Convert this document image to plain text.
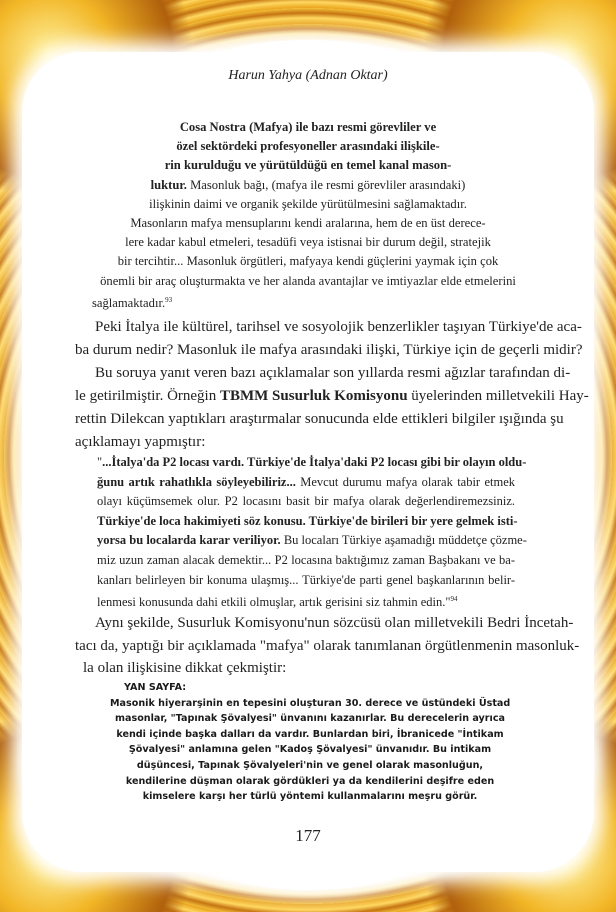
Harun Yahya (Adnan Oktar)
Cosa Nostra (Mafya) ile bazı resmi görevliler ve
özel sektördeki profesyoneller arasındaki ilişkile-
rin kurulduğu ve yürütüldüğü en temel kanal mason-
luktur. Masonluk bağı, (mafya ile resmi görevliler arasındaki)
ilişkinin daimi ve organik şekilde yürütülmesini sağlamaktadır.
Masonların mafya mensuplarını kendi aralarına, hem de en üst derece-
lere kadar kabul etmeleri, tesadüfi veya istisnai bir durum değil, stratejik
bir tercihtir... Masonluk örgütleri, mafyaya kendi güçlerini yaymak için çok
önemli bir araç oluşturmakta ve her alanda avantajlar ve imtiyazlar elde etmelerini
sağlamaktadır.$^{93}$
Peki İtalya ile kültürel, tarihsel ve sosyolojik benzerlikler taşıyan Türkiye'de aca-
ba durum nedir? Masonluk ile mafya arasındaki ilişki, Türkiye için de geçerli midir?
Bu soruya yanıt veren bazı açıklamalar son yıllarda resmi ağızlar tarafından di-
le getirilmiştir. Örneğin TBMM Susurluk Komisyonu üyelerinden milletvekili Hay-
rettin Dilekcan yaptıkları araştırmalar sonucunda elde ettikleri bilgiler ışığında şu
açıklamayı yapmıştır:
"...İtalya'da P2 locası vardı. Türkiye'de İtalya'daki P2 locası gibi bir olayın oldu-
ğunu artık rahatlıkla söyleyebiliriz... Mevcut durumu mafya olarak tabir etmek
olayı küçümsemek olur. P2 locasını basit bir mafya olarak değerlendiremezsiniz.
Türkiye'de loca hakimiyeti söz konusu. Türkiye'de birileri bir yere gelmek isti-
yorsa bu localarda karar veriliyor. Bu locaları Türkiye aşamadığı müddetçe çözme-
miz uzun zaman alacak demektir... P2 locasına baktığımız zaman Başbakanı ve ba-
kanları belirleyen bir konuma ulaşmış... Türkiye'de parti genel başkanlarının belir-
lenmesi konusunda dahi etkili olmuşlar, artık gerisini siz tahmin edin."$^{94}$
Aynı şekilde, Susurluk Komisyonu'nun sözcüsü olan milletvekili Bedri İncetah-
tacı da, yaptığı bir açıklamada "mafya" olarak tanımlanan örgütlenmenin masonluk-
la olan ilişkisine dikkat çekmiştir:
YAN SAYFA:
Masonik hiyerarşinin en tepesini oluşturan 30. derece ve üstündeki Üstad
masonlar, "Tapınak Şövalyesi" ünvanını kazanırlar. Bu derecelerin ayrıca
kendi içinde başka dalları da vardır. Bunlardan biri, İbranicede "İntikam
Şövalyesi" anlamına gelen "Kadoş Şövalyesi" ünvanıdır. Bu intikam
düşüncesi, Tapınak Şövalyeleri'nin ve genel olarak masonluğun,
kendilerine düşman olarak gördükleri ya da kendilerini deşifre eden
kimselere karşı her türlü yöntemi kullanmalarını meşru görür.
177
